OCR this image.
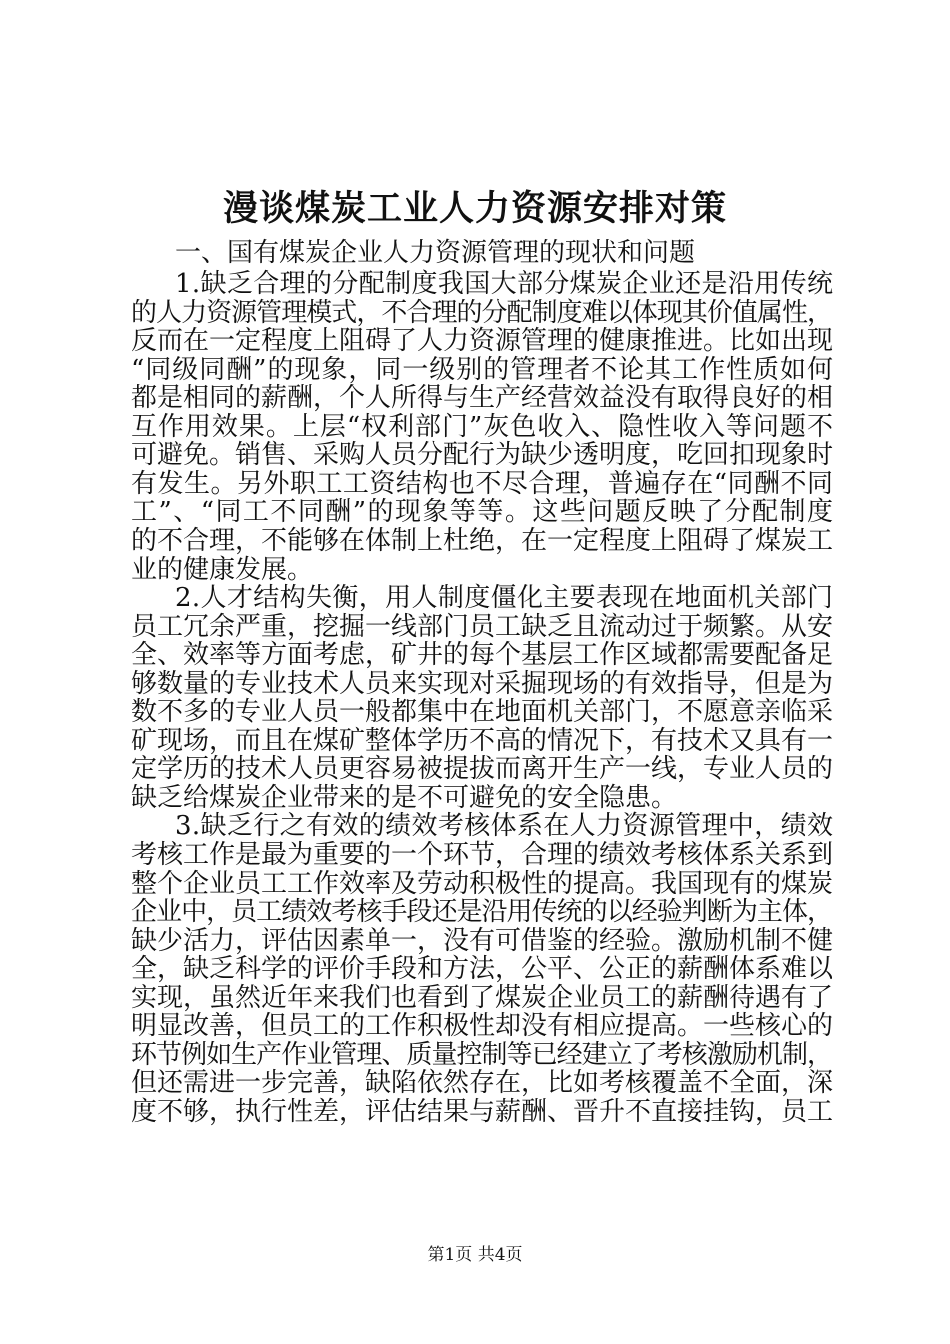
漫谈煤炭工业人力资源安排对策
一、国有煤炭企业人力资源管理的现状和问题
1.缺乏合理的分配制度我国大部分煤炭企业还是沿用传统
的人力资源管理模式，不合理的分配制度难以体现其价值属性，
反而在一定程度上阻碍了人力资源管理的健康推进。比如出现
“同级同酬”的现象，同一级别的管理者不论其工作性质如何
都是相同的薪酬，个人所得与生产经营效益没有取得良好的相
互作用效果。上层“权利部门”灰色收入、隐性收入等问题不
可避免。销售、采购人员分配行为缺少透明度，吃回扣现象时
有发生。另外职工工资结构也不尽合理，普遍存在“同酬不同
工”、“同工不同酬”的现象等等。这些问题反映了分配制度
的不合理，不能够在体制上杜绝，在一定程度上阻碍了煤炭工
业的健康发展。
2.人才结构失衡，用人制度僵化主要表现在地面机关部门
员工冗余严重，挖掘一线部门员工缺乏且流动过于频繁。从安
全、效率等方面考虑，矿井的每个基层工作区域都需要配备足
够数量的专业技术人员来实现对采掘现场的有效指导，但是为
数不多的专业人员一般都集中在地面机关部门，不愿意亲临采
矿现场，而且在煤矿整体学历不高的情况下，有技术又具有一
定学历的技术人员更容易被提拔而离开生产一线，专业人员的
缺乏给煤炭企业带来的是不可避免的安全隐患。
3.缺乏行之有效的绩效考核体系在人力资源管理中，绩效
考核工作是最为重要的一个环节，合理的绩效考核体系关系到
整个企业员工工作效率及劳动积极性的提高。我国现有的煤炭
企业中，员工绩效考核手段还是沿用传统的以经验判断为主体，
缺少活力，评估因素单一，没有可借鉴的经验。激励机制不健
全，缺乏科学的评价手段和方法，公平、公正的薪酬体系难以
实现，虽然近年来我们也看到了煤炭企业员工的薪酬待遇有了
明显改善，但员工的工作积极性却没有相应提高。一些核心的
环节例如生产作业管理、质量控制等已经建立了考核激励机制，
但还需进一步完善，缺陷依然存在，比如考核覆盖不全面，深
度不够，执行性差，评估结果与薪酬、晋升不直接挂钩，员工
第1页 共4页
